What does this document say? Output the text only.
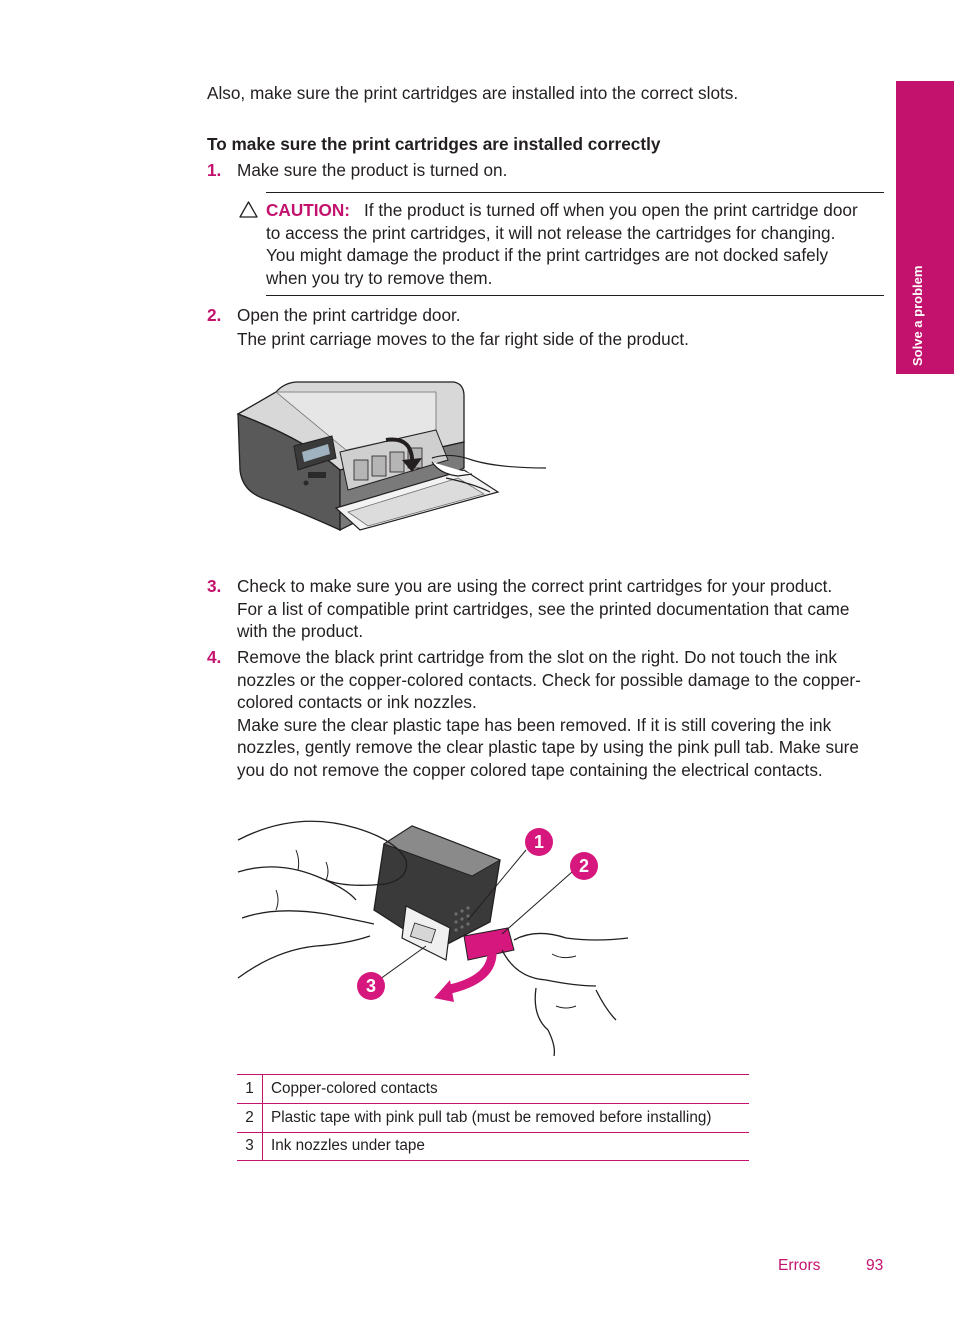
Solve a problem
Also, make sure the print cartridges are installed into the correct slots.
To make sure the print cartridges are installed correctly
1. Make sure the product is turned on.
CAUTION: If the product is turned off when you open the print cartridge door
to access the print cartridges, it will not release the cartridges for changing.
You might damage the product if the print cartridges are not docked safely
when you try to remove them.
2. Open the print cartridge door.
The print carriage moves to the far right side of the product.
3. Check to make sure you are using the correct print cartridges for your product.
For a list of compatible print cartridges, see the printed documentation that came
with the product.
4. Remove the black print cartridge from the slot on the right. Do not touch the ink
nozzles or the copper-colored contacts. Check for possible damage to the copper-
colored contacts or ink nozzles.
Make sure the clear plastic tape has been removed. If it is still covering the ink
nozzles, gently remove the clear plastic tape by using the pink pull tab. Make sure
you do not remove the copper colored tape containing the electrical contacts.
1
2
3
1	Copper-colored contacts
2	Plastic tape with pink pull tab (must be removed before installing)
3	Ink nozzles under tape
Errors	93
